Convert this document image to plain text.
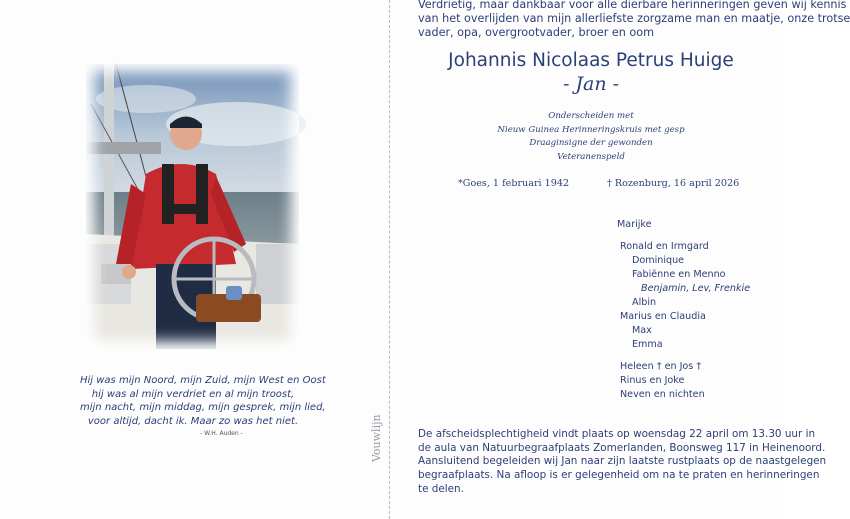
Vouwlijn
Hij was mijn Noord, mijn Zuid, mijn West en Oost
hij was al mijn verdriet en al mijn troost,
mijn nacht, mijn middag, mijn gesprek, mijn lied,
voor altijd, dacht ik. Maar zo was het niet.
- W.H. Auden -
Verdrietig, maar dankbaar voor alle dierbare herinneringen geven wij kennis
van het overlijden van mijn allerliefste zorgzame man en maatje, onze trotse
vader, opa, overgrootvader, broer en oom
Johannis Nicolaas Petrus Huige
- Jan -
Onderscheiden met
Nieuw Guinea Herinneringskruis met gesp
Draaginsigne der gewonden
Veteranenspeld
*Goes, 1 februari 1942	† Rozenburg, 16 april 2026
Marijke
Ronald en Irmgard
Dominique
Fabiënne en Menno
Benjamin, Lev, Frenkie
Albin
Marius en Claudia
Max
Emma
Heleen † en Jos †
Rinus en Joke
Neven en nichten
De afscheidsplechtigheid vindt plaats op woensdag 22 april om 13.30 uur in
de aula van Natuurbegraafplaats Zomerlanden, Boonsweg 117 in Heinenoord.
Aansluitend begeleiden wij Jan naar zijn laatste rustplaats op de naastgelegen
begraafplaats. Na afloop is er gelegenheid om na te praten en herinneringen
te delen.
